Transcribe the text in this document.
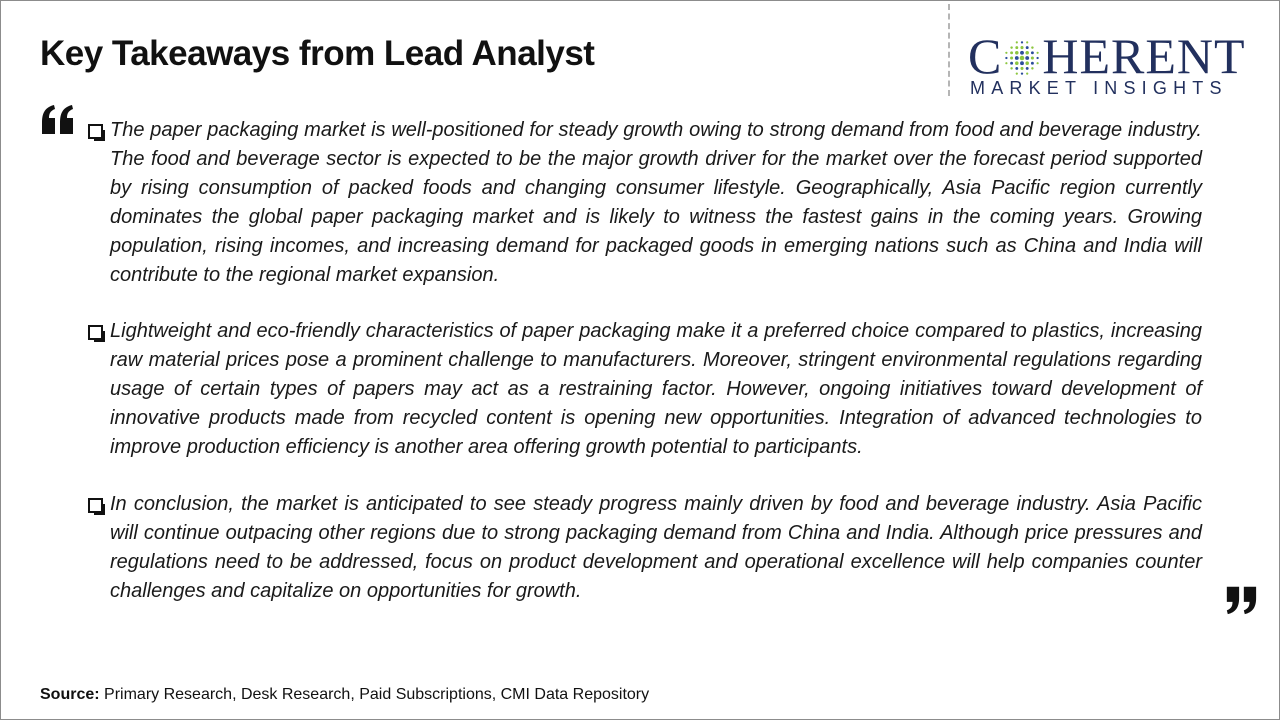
Key Takeaways from Lead Analyst	C HERENT
MARKET INSIGHTS
The paper packaging market is well-positioned for steady growth owing to strong demand from food and beverage industry. The food and beverage sector is expected to be the major growth driver for the market over the forecast period supported by rising consumption of packed foods and changing consumer lifestyle. Geographically, Asia Pacific region currently dominates the global paper packaging market and is likely to witness the fastest gains in the coming years. Growing population, rising incomes, and increasing demand for packaged goods in emerging nations such as China and India will contribute to the regional market expansion.
Lightweight and eco-friendly characteristics of paper packaging make it a preferred choice compared to plastics, increasing raw material prices pose a prominent challenge to manufacturers. Moreover, stringent environmental regulations regarding usage of certain types of papers may act as a restraining factor. However, ongoing initiatives toward development of innovative products made from recycled content is opening new opportunities. Integration of advanced technologies to improve production efficiency is another area offering growth potential to participants.
In conclusion, the market is anticipated to see steady progress mainly driven by food and beverage industry. Asia Pacific will continue outpacing other regions due to strong packaging demand from China and India. Although price pressures and regulations need to be addressed, focus on product development and operational excellence will help companies counter challenges and capitalize on opportunities for growth.
Source: Primary Research, Desk Research, Paid Subscriptions, CMI Data Repository
